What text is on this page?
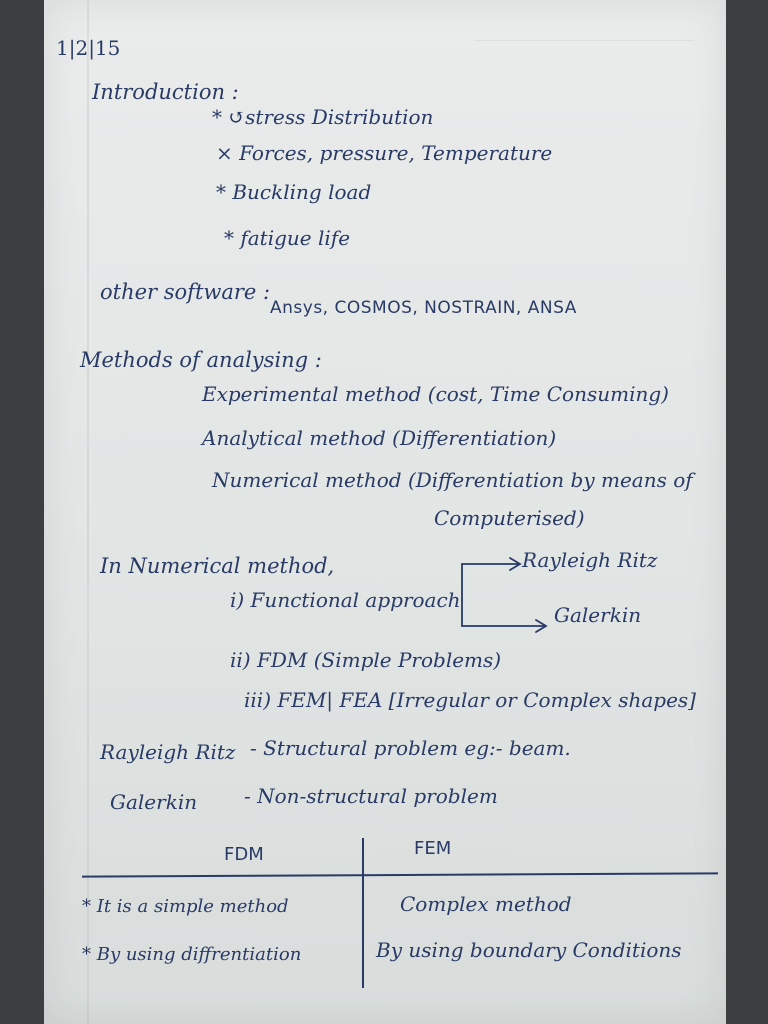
1|2|15
Introduction :
* ↺stress Distribution
× Forces, pressure, Temperature
* Buckling load
* fatigue life
other software :
Ansys, COSMOS, NOSTRAIN, ANSA
Methods of analysing :
Experimental method (cost, Time Consuming)
Analytical method (Differentiation)
Numerical method (Differentiation by means of
Computerised)
In Numerical method,
i) Functional approach
Rayleigh Ritz
Galerkin
ii) FDM (Simple Problems)
iii) FEM| FEA [Irregular or Complex shapes]
Rayleigh Ritz - Structural problem eg:- beam.
Galerkin - Non-structural problem
FDM	FEM
* It is a simple method	Complex method
* By using diffrentiation	By using boundary Conditions
